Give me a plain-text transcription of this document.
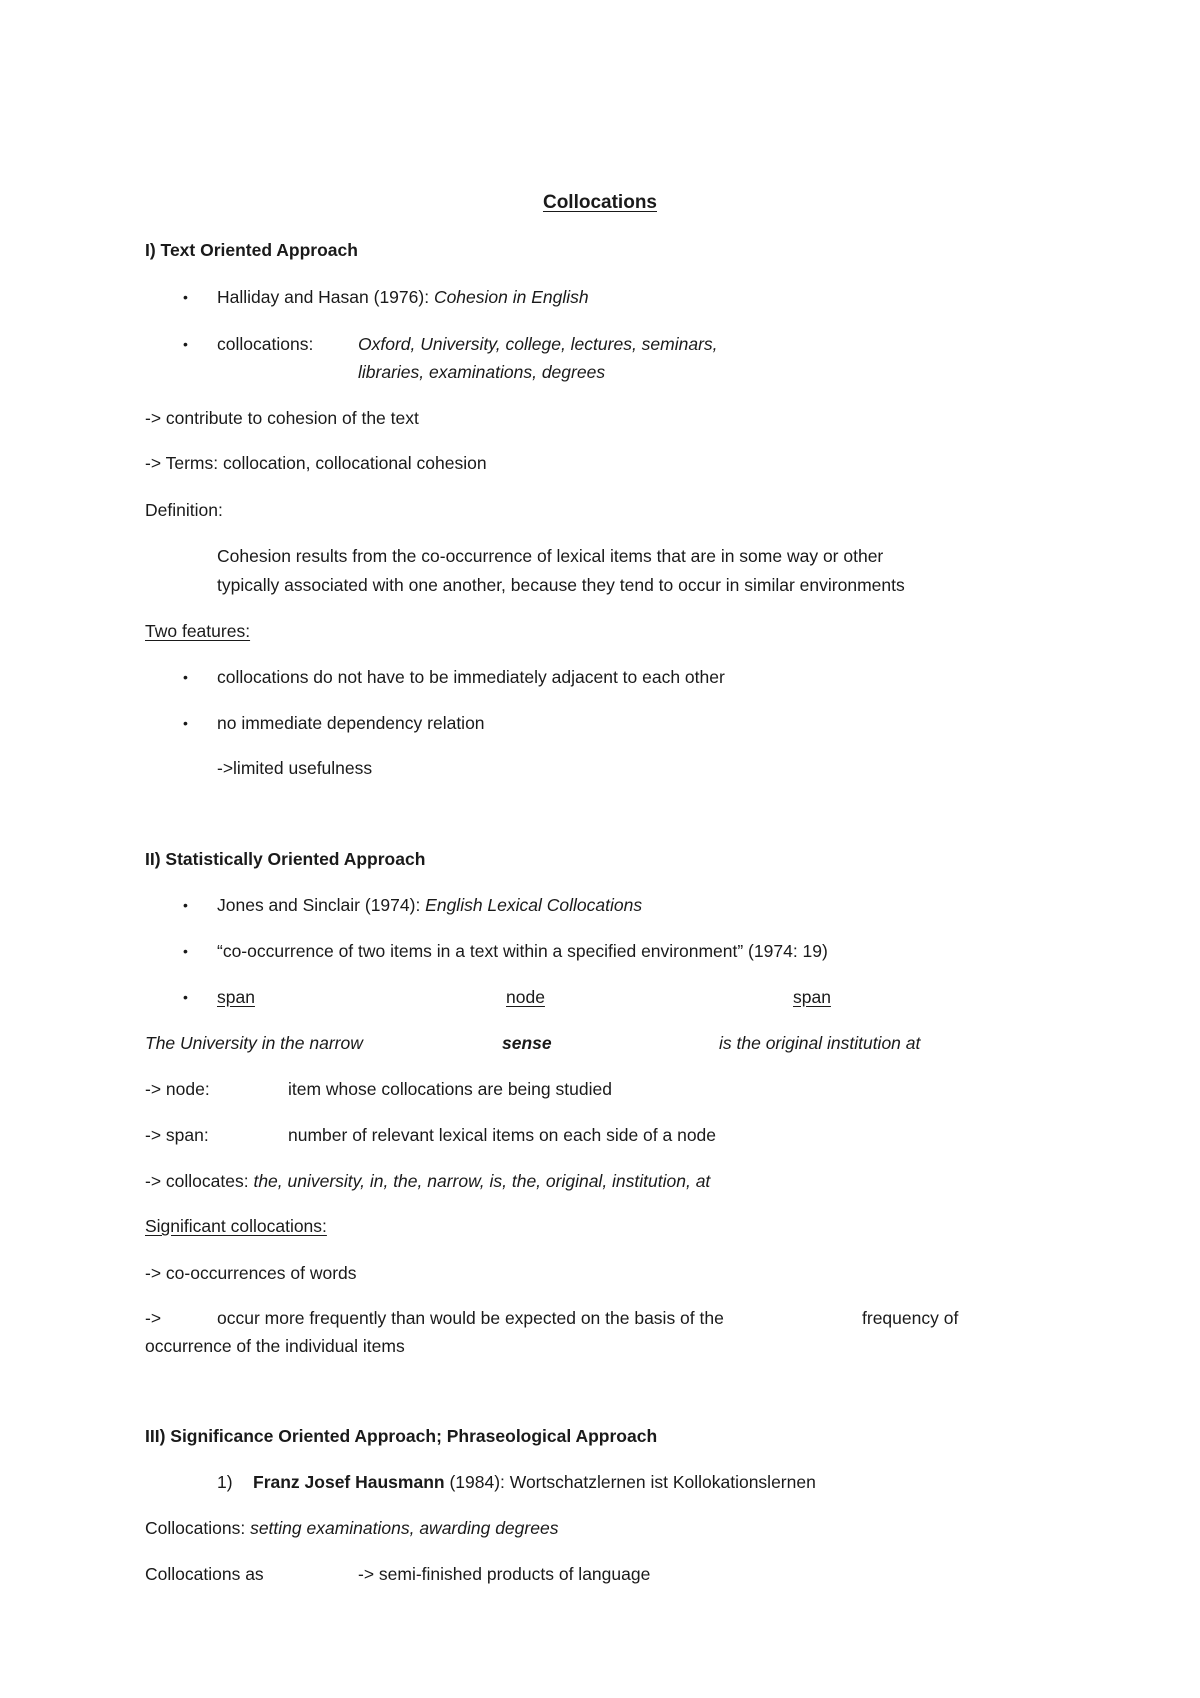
Collocations
I) Text Oriented Approach
• Halliday and Hasan (1976): Cohesion in English
• collocations:	Oxford, University, college, lectures, seminars,
libraries, examinations, degrees
-> contribute to cohesion of the text
-> Terms: collocation, collocational cohesion
Definition:
Cohesion results from the co-occurrence of lexical items that are in some way or other
typically associated with one another, because they tend to occur in similar environments
Two features:
• collocations do not have to be immediately adjacent to each other
• no immediate dependency relation
->limited usefulness
II) Statistically Oriented Approach
• Jones and Sinclair (1974): English Lexical Collocations
• “co-occurrence of two items in a text within a specified environment” (1974: 19)
• span	node	span
The University in the narrow	sense	is the original institution at
-> node:	item whose collocations are being studied
-> span:	number of relevant lexical items on each side of a node
-> collocates: the, university, in, the, narrow, is, the, original, institution, at
Significant collocations:
-> co-occurrences of words
->	occur more frequently than would be expected on the basis of the	frequency of
occurrence of the individual items
III) Significance Oriented Approach; Phraseological Approach
1) Franz Josef Hausmann (1984): Wortschatzlernen ist Kollokationslernen
Collocations: setting examinations, awarding degrees
Collocations as	-> semi-finished products of language
